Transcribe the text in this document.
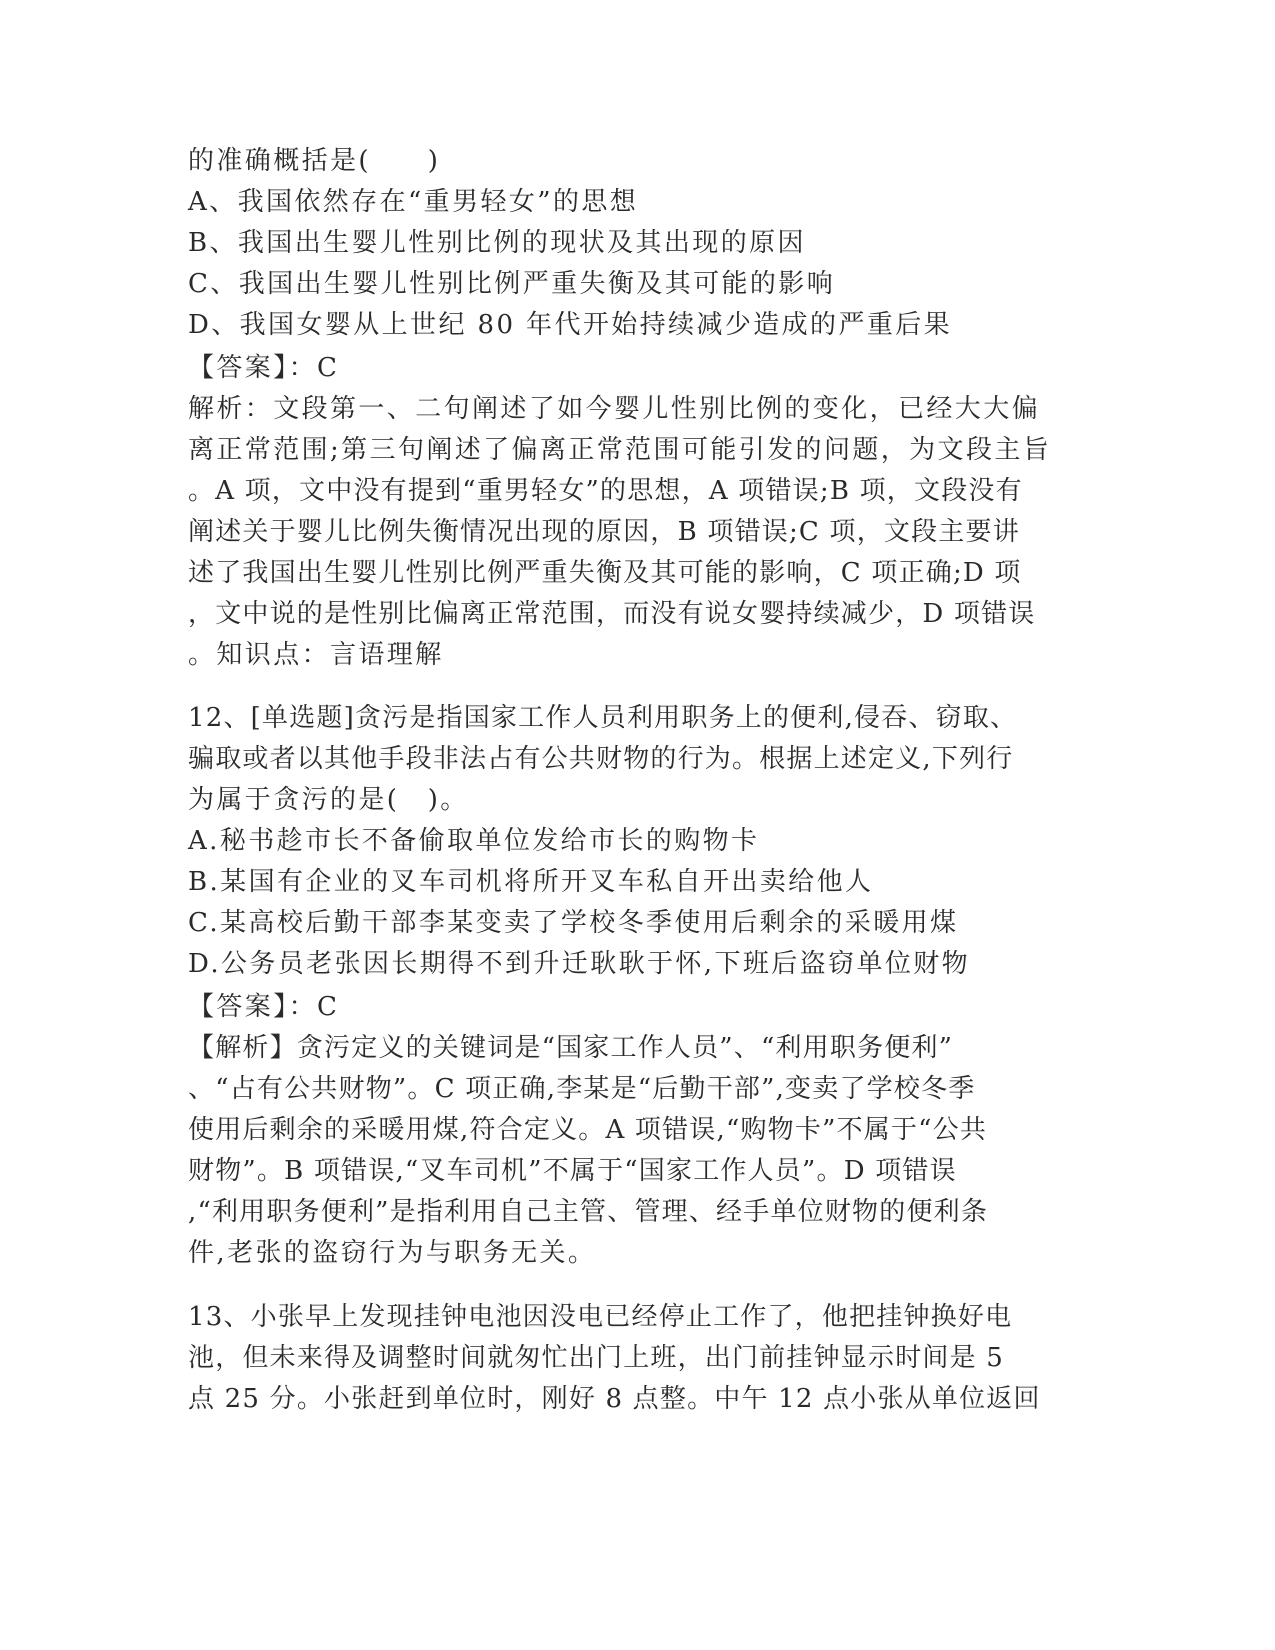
的准确概括是(　　)
A、我国依然存在“重男轻女”的思想
B、我国出生婴儿性别比例的现状及其出现的原因
C、我国出生婴儿性别比例严重失衡及其可能的影响
D、我国女婴从上世纪 80 年代开始持续减少造成的严重后果
【答案】：C
解析：文段第一、二句阐述了如今婴儿性别比例的变化，已经大大偏
离正常范围;第三句阐述了偏离正常范围可能引发的问题，为文段主旨
。A 项，文中没有提到“重男轻女”的思想，A 项错误;B 项，文段没有
阐述关于婴儿比例失衡情况出现的原因，B 项错误;C 项，文段主要讲
述了我国出生婴儿性别比例严重失衡及其可能的影响，C 项正确;D 项
，文中说的是性别比偏离正常范围，而没有说女婴持续减少，D 项错误
。知识点：言语理解
12、[单选题]贪污是指国家工作人员利用职务上的便利,侵吞、窃取、
骗取或者以其他手段非法占有公共财物的行为。根据上述定义,下列行
为属于贪污的是(　)。
A.秘书趁市长不备偷取单位发给市长的购物卡
B.某国有企业的叉车司机将所开叉车私自开出卖给他人
C.某高校后勤干部李某变卖了学校冬季使用后剩余的采暖用煤
D.公务员老张因长期得不到升迁耿耿于怀,下班后盗窃单位财物
【答案】：C
【解析】贪污定义的关键词是“国家工作人员”、“利用职务便利”
、“占有公共财物”。C 项正确,李某是“后勤干部”,变卖了学校冬季
使用后剩余的采暖用煤,符合定义。A 项错误,“购物卡”不属于“公共
财物”。B 项错误,“叉车司机”不属于“国家工作人员”。D 项错误
,“利用职务便利”是指利用自己主管、管理、经手单位财物的便利条
件,老张的盗窃行为与职务无关。
13、小张早上发现挂钟电池因没电已经停止工作了，他把挂钟换好电
池，但未来得及调整时间就匆忙出门上班，出门前挂钟显示时间是 5
点 25 分。小张赶到单位时，刚好 8 点整。中午 12 点小张从单位返回
